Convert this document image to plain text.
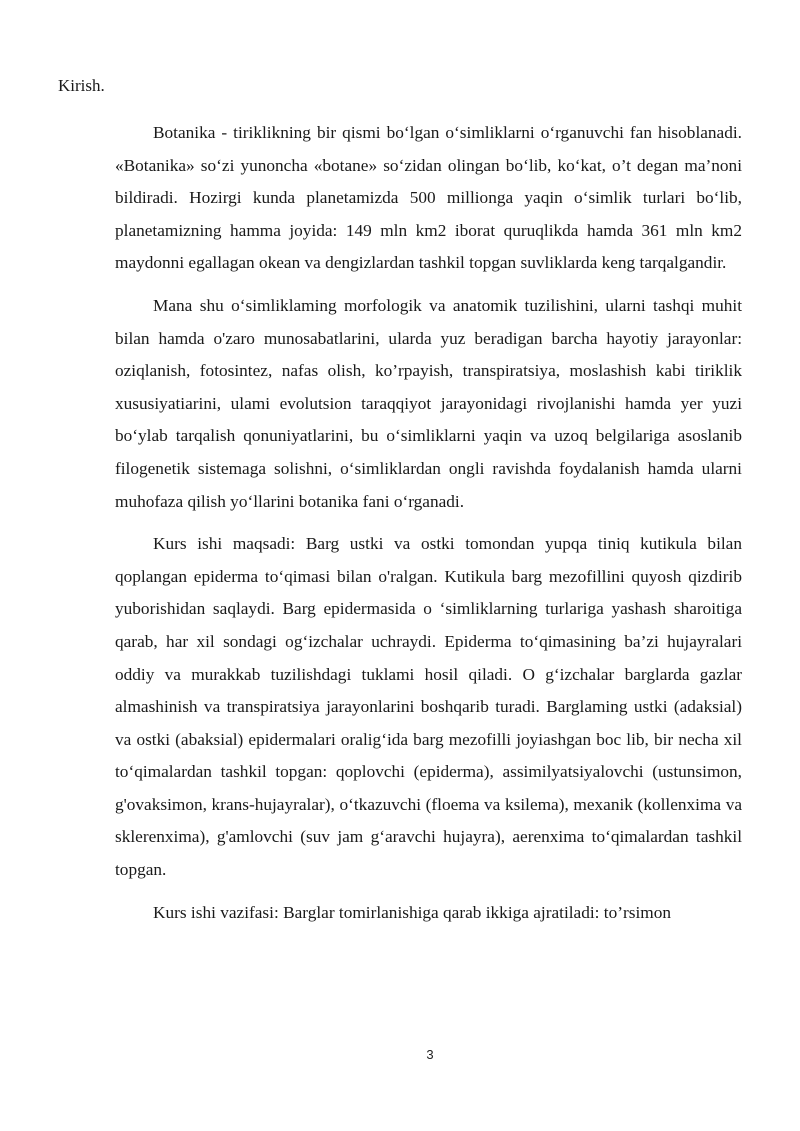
Kirish.

Botanika - tiriklikning bir qismi bo‘lgan o‘simliklarni o‘rganuvchi fan hisoblanadi. «Botanika» so‘zi yunoncha «botane» so‘zidan olingan bo‘lib, ko‘kat, o’t degan ma’noni bildiradi. Hozirgi kunda planetamizda 500 millionga yaqin o‘simlik turlari bo‘lib, planetamizning hamma joyida: 149 mln km2 iborat quruqlikda hamda 361 mln km2 maydonni egallagan okean va dengizlardan tashkil topgan suvliklarda keng tarqalgandir.

Mana shu o‘simliklaming morfologik va anatomik tuzilishini, ularni tashqi muhit bilan hamda o'zaro munosabatlarini, ularda yuz beradigan barcha hayotiy jarayonlar: oziqlanish, fotosintez, nafas olish, ko’rpayish, transpiratsiya, moslashish kabi tiriklik xususiyatiarini, ulami evolutsion taraqqiyot jarayonidagi rivojlanishi hamda yer yuzi bo‘ylab tarqalish qonuniyatlarini, bu o‘simliklarni yaqin va uzoq belgilariga asoslanib filogenetik sistemaga solishni, o‘simliklardan ongli ravishda foydalanish hamda ularni muhofaza qilish yo‘llarini botanika fani o‘rganadi.

Kurs ishi maqsadi: Barg ustki va ostki tomondan yupqa tiniq kutikula bilan qoplangan epiderma to‘qimasi bilan o'ralgan. Kutikula barg mezofillini quyosh qizdirib yuborishidan saqlaydi. Barg epidermasida o ‘simliklarning turlariga yashash sharoitiga qarab, har xil sondagi og‘izchalar uchraydi. Epiderma to‘qimasining ba’zi hujayralari oddiy va murakkab tuzilishdagi tuklami hosil qiladi. O g‘izchalar barglarda gazlar almashinish va transpiratsiya jarayonlarini boshqarib turadi. Barglaming ustki (adaksial) va ostki (abaksial) epidermalari oralig‘ida barg mezofilli joyiashgan boc lib, bir necha xil to‘qimalardan tashkil topgan: qoplovchi (epiderma), assimilyatsiyalovchi (ustunsimon, g'ovaksimon, krans-hujayralar), o‘tkazuvchi (floema va ksilema), mexanik (kollenxima va sklerenxima), g'amlovchi (suv jam g‘aravchi hujayra), aerenxima to‘qimalardan tashkil topgan.

Kurs ishi vazifasi: Barglar tomirlanishiga qarab ikkiga ajratiladi: to’rsimon

3
